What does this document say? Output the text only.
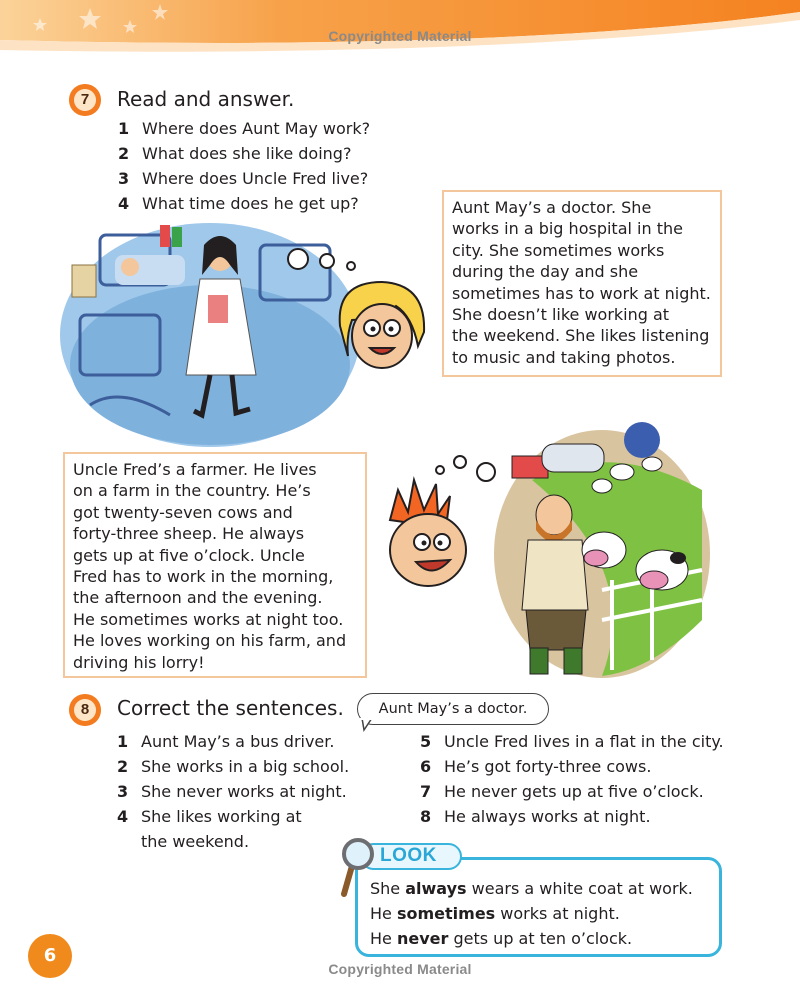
Copyrighted Material
7	Read and answer.
1 Where does Aunt May work?
2 What does she like doing?
3 Where does Uncle Fred live?
4 What time does he get up?	Aunt May’s a doctor. She
works in a big hospital in the
city. She sometimes works
during the day and she
sometimes has to work at night.
She doesn’t like working at
the weekend. She likes listening
to music and taking photos.
Uncle Fred’s a farmer. He lives
on a farm in the country. He’s
got twenty-seven cows and
forty-three sheep. He always
gets up at five o’clock. Uncle
Fred has to work in the morning,
the afternoon and the evening.
He sometimes works at night too.
He loves working on his farm, and
driving his lorry!
8	Correct the sentences.	Aunt May’s a doctor.
1 Aunt May’s a bus driver.
2 She works in a big school.
3 She never works at night.
4 She likes working at
the weekend.
5 Uncle Fred lives in a flat in the city.
6 He’s got forty-three cows.
7 He never gets up at five o’clock.
8 He always works at night.
LOOK
She always wears a white coat at work.
He sometimes works at night.
He never gets up at ten o’clock.
6
Copyrighted Material
